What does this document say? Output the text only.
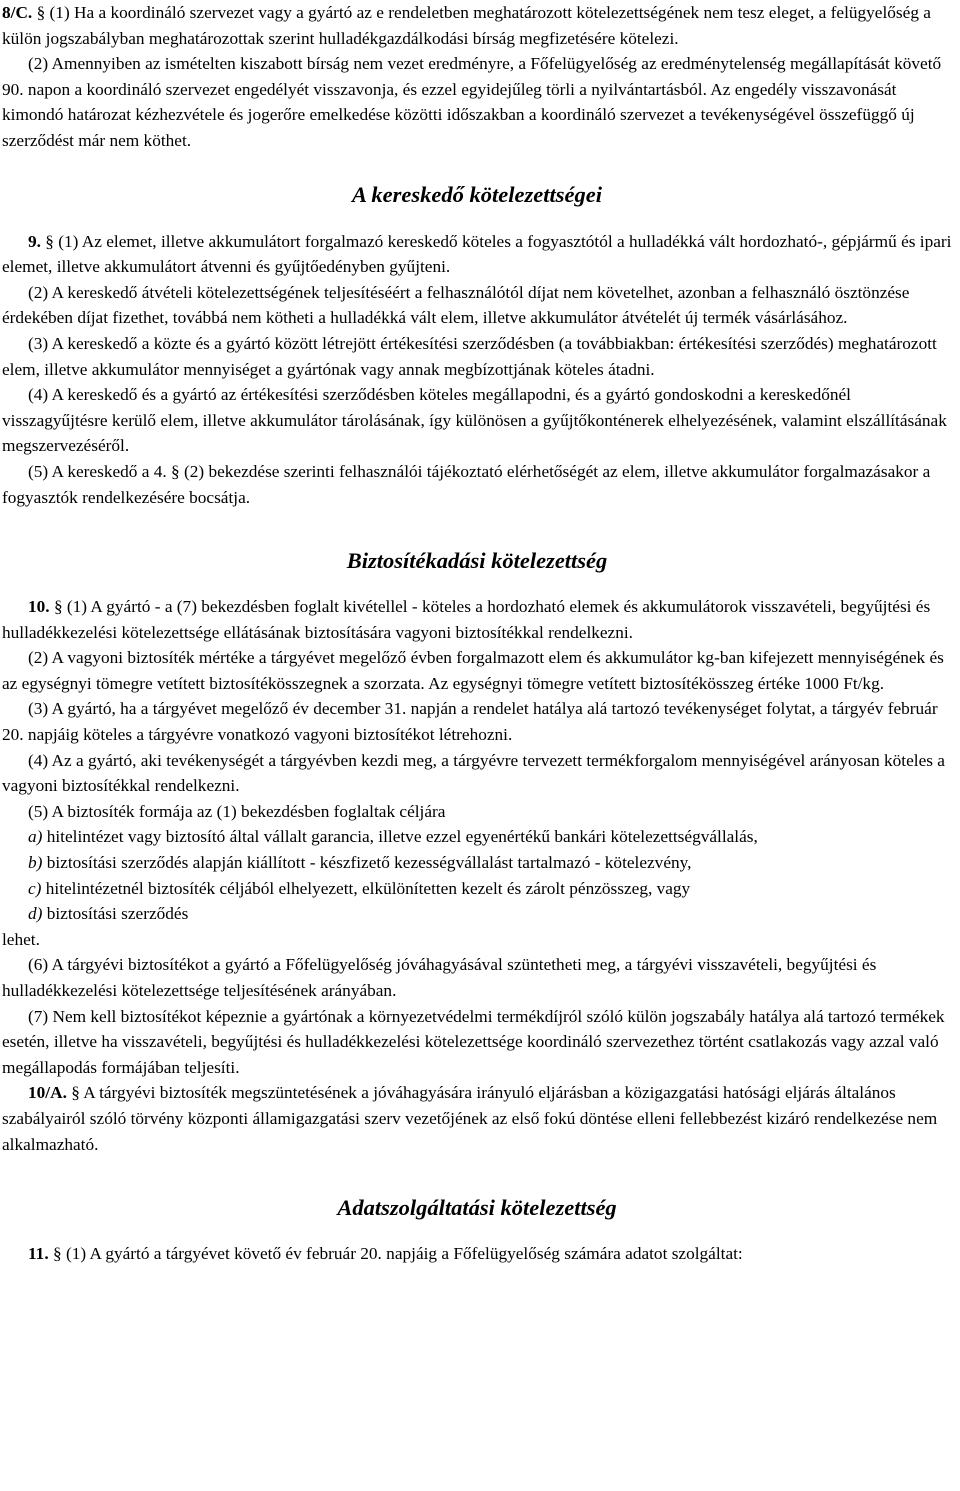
8/C. § (1) Ha a koordináló szervezet vagy a gyártó az e rendeletben meghatározott kötelezettségének nem tesz eleget, a felügyelőség a külön jogszabályban meghatározottak szerint hulladékgazdálkodási bírság megfizetésére kötelezi.

(2) Amennyiben az ismételten kiszabott bírság nem vezet eredményre, a Főfelügyelőség az eredménytelenség megállapítását követő 90. napon a koordináló szervezet engedélyét visszavonja, és ezzel egyidejűleg törli a nyilvántartásból. Az engedély visszavonását kimondó határozat kézhezvétele és jogerőre emelkedése közötti időszakban a koordináló szervezet a tevékenységével összefüggő új szerződést már nem köthet.

A kereskedő kötelezettségei

9. § (1) Az elemet, illetve akkumulátort forgalmazó kereskedő köteles a fogyasztótól a hulladékká vált hordozható-, gépjármű és ipari elemet, illetve akkumulátort átvenni és gyűjtőedényben gyűjteni.

(2) A kereskedő átvételi kötelezettségének teljesítéséért a felhasználótól díjat nem követelhet, azonban a felhasználó ösztönzése érdekében díjat fizethet, továbbá nem kötheti a hulladékká vált elem, illetve akkumulátor átvételét új termék vásárlásához.

(3) A kereskedő a közte és a gyártó között létrejött értékesítési szerződésben (a továbbiakban: értékesítési szerződés) meghatározott elem, illetve akkumulátor mennyiséget a gyártónak vagy annak megbízottjának köteles átadni.

(4) A kereskedő és a gyártó az értékesítési szerződésben köteles megállapodni, és a gyártó gondoskodni a kereskedőnél visszagyűjtésre kerülő elem, illetve akkumulátor tárolásának, így különösen a gyűjtőkonténerek elhelyezésének, valamint elszállításának megszervezéséről.

(5) A kereskedő a 4. § (2) bekezdése szerinti felhasználói tájékoztató elérhetőségét az elem, illetve akkumulátor forgalmazásakor a fogyasztók rendelkezésére bocsátja.

Biztosítékadási kötelezettség

10. § (1) A gyártó - a (7) bekezdésben foglalt kivétellel - köteles a hordozható elemek és akkumulátorok visszavételi, begyűjtési és hulladékkezelési kötelezettsége ellátásának biztosítására vagyoni biztosítékkal rendelkezni.

(2) A vagyoni biztosíték mértéke a tárgyévet megelőző évben forgalmazott elem és akkumulátor kg-ban kifejezett mennyiségének és az egységnyi tömegre vetített biztosítékösszegnek a szorzata. Az egységnyi tömegre vetített biztosítékösszeg értéke 1000 Ft/kg.

(3) A gyártó, ha a tárgyévet megelőző év december 31. napján a rendelet hatálya alá tartozó tevékenységet folytat, a tárgyév február 20. napjáig köteles a tárgyévre vonatkozó vagyoni biztosítékot létrehozni.

(4) Az a gyártó, aki tevékenységét a tárgyévben kezdi meg, a tárgyévre tervezett termékforgalom mennyiségével arányosan köteles a vagyoni biztosítékkal rendelkezni.

(5) A biztosíték formája az (1) bekezdésben foglaltak céljára

a) hitelintézet vagy biztosító által vállalt garancia, illetve ezzel egyenértékű bankári kötelezettségvállalás,

b) biztosítási szerződés alapján kiállított - készfizető kezességvállalást tartalmazó - kötelezvény,

c) hitelintézetnél biztosíték céljából elhelyezett, elkülönítetten kezelt és zárolt pénzösszeg, vagy

d) biztosítási szerződés

lehet.

(6) A tárgyévi biztosítékot a gyártó a Főfelügyelőség jóváhagyásával szüntetheti meg, a tárgyévi visszavételi, begyűjtési és hulladékkezelési kötelezettsége teljesítésének arányában.

(7) Nem kell biztosítékot képeznie a gyártónak a környezetvédelmi termékdíjról szóló külön jogszabály hatálya alá tartozó termékek esetén, illetve ha visszavételi, begyűjtési és hulladékkezelési kötelezettsége koordináló szervezethez történt csatlakozás vagy azzal való megállapodás formájában teljesíti.

10/A. § A tárgyévi biztosíték megszüntetésének a jóváhagyására irányuló eljárásban a közigazgatási hatósági eljárás általános szabályairól szóló törvény központi államigazgatási szerv vezetőjének az első fokú döntése elleni fellebbezést kizáró rendelkezése nem alkalmazható.

Adatszolgáltatási kötelezettség

11. § (1) A gyártó a tárgyévet követő év február 20. napjáig a Főfelügyelőség számára adatot szolgáltat:
